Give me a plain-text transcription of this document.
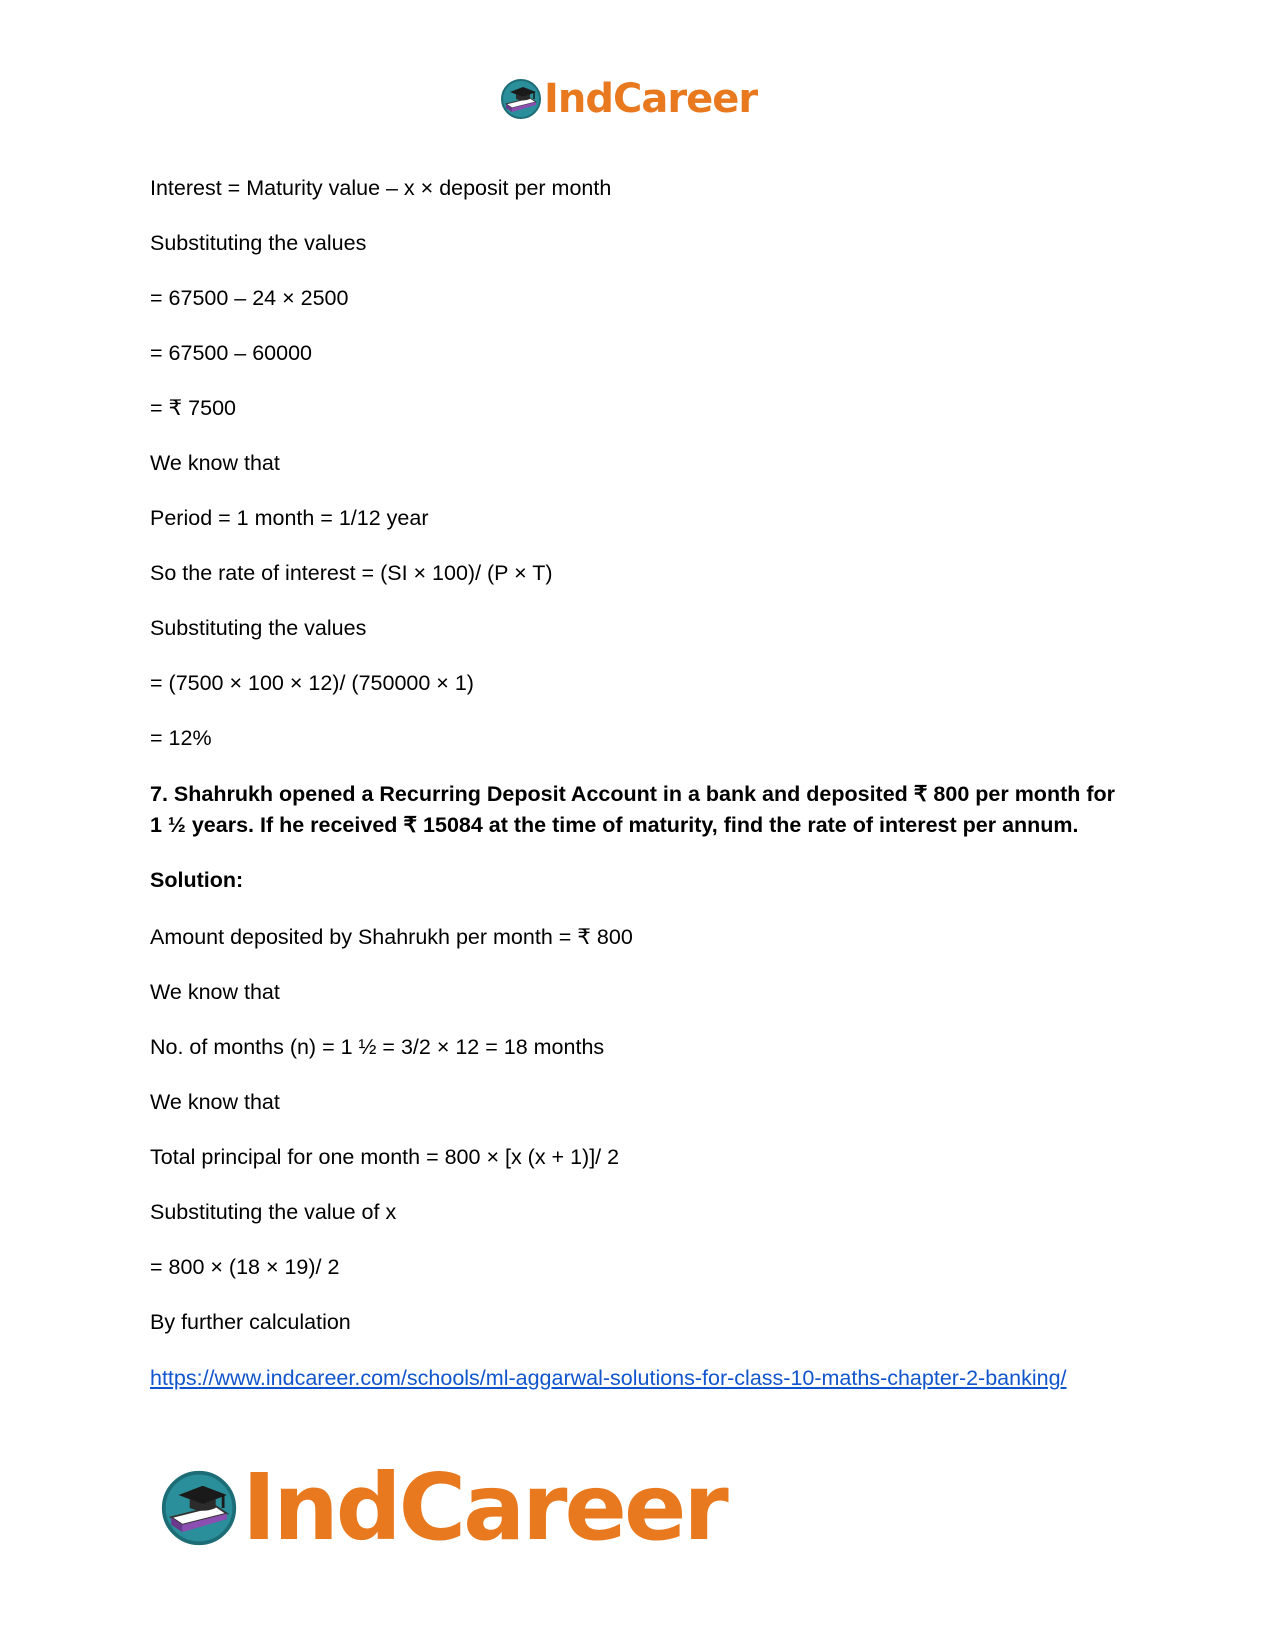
IndCareer

Interest = Maturity value – x × deposit per month

Substituting the values

= 67500 – 24 × 2500

= 67500 – 60000

= ₹ 7500

We know that

Period = 1 month = 1/12 year

So the rate of interest = (SI × 100)/ (P × T)

Substituting the values

= (7500 × 100 × 12)/ (750000 × 1)

= 12%

7. Shahrukh opened a Recurring Deposit Account in a bank and deposited ₹ 800 per month for 1 ½ years. If he received ₹ 15084 at the time of maturity, find the rate of interest per annum.

Solution:

Amount deposited by Shahrukh per month = ₹ 800

We know that

No. of months (n) = 1 ½ = 3/2 × 12 = 18 months

We know that

Total principal for one month = 800 × [x (x + 1)]/ 2

Substituting the value of x

= 800 × (18 × 19)/ 2

By further calculation

https://www.indcareer.com/schools/ml-aggarwal-solutions-for-class-10-maths-chapter-2-banking/
IndCareer
